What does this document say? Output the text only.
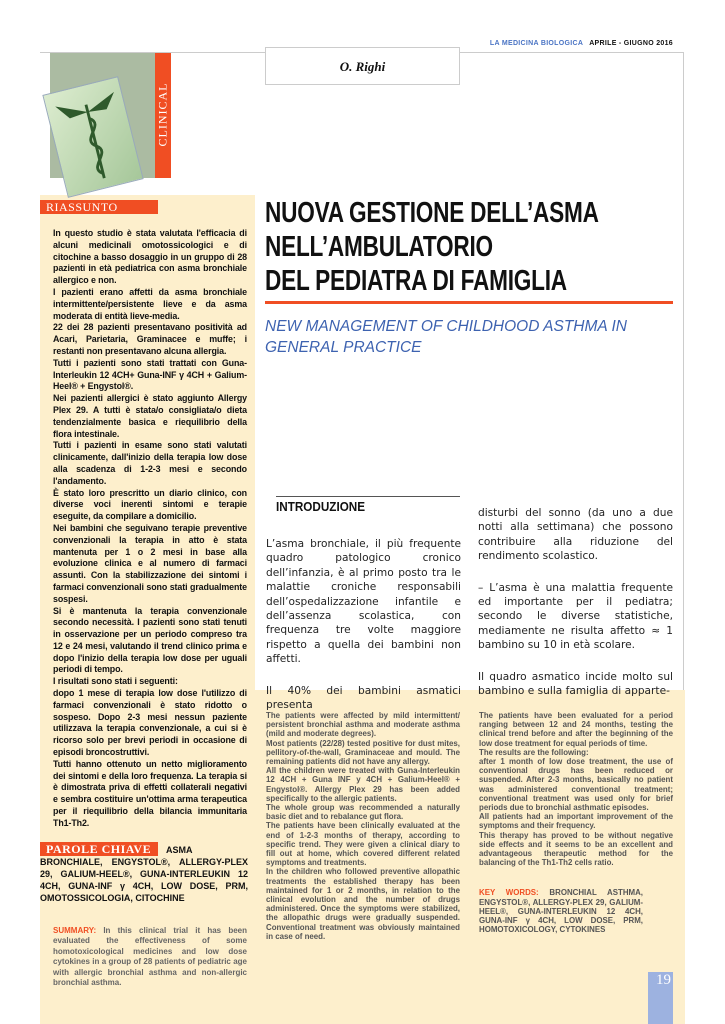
LA MEDICINA BIOLOGICA APRILE - GIUGNO 2016
CLINICAL
O. Righi
RIASSUNTO

In questo studio è stata valutata l'efficacia di alcuni medicinali omotossicologici e di citochine a basso dosaggio in un gruppo di 28 pazienti in età pediatrica con asma bronchiale allergico e non.

I pazienti erano affetti da asma bronchiale intermittente/persistente lieve e da asma moderata di entità lieve-media.

22 dei 28 pazienti presentavano positività ad Acari, Parietaria, Graminacee e muffe; i restanti non presentavano alcuna allergia.

Tutti i pazienti sono stati trattati con Guna-Interleukin 12 4CH+ Guna-INF γ 4CH + Galium-Heel® + Engystol®.

Nei pazienti allergici è stato aggiunto Allergy Plex 29. A tutti è stata/o consigliata/o dieta tendenzialmente basica e riequilibrio della flora intestinale.

Tutti i pazienti in esame sono stati valutati clinicamente, dall'inizio della terapia low dose alla scadenza di 1-2-3 mesi e secondo l'andamento.

È stato loro prescritto un diario clinico, con diverse voci inerenti sintomi e terapie eseguite, da compilare a domicilio.

Nei bambini che seguivano terapie preventive convenzionali la terapia in atto è stata mantenuta per 1 o 2 mesi in base alla evoluzione clinica e al numero di farmaci assunti. Con la stabilizzazione dei sintomi i farmaci convenzionali sono stati gradualmente sospesi.

Si è mantenuta la terapia convenzionale secondo necessità. I pazienti sono stati tenuti in osservazione per un periodo compreso tra 12 e 24 mesi, valutando il trend clinico prima e dopo l'inizio della terapia low dose per uguali periodi di tempo.

I risultati sono stati i seguenti:

dopo 1 mese di terapia low dose l'utilizzo di farmaci convenzionali è stato ridotto o sospeso. Dopo 2-3 mesi nessun paziente utilizzava la terapia convenzionale, a cui si è ricorso solo per brevi periodi in occasione di episodi broncostruttivi.

Tutti hanno ottenuto un netto miglioramento dei sintomi e della loro frequenza. La terapia si è dimostrata priva di effetti collaterali negativi e sembra costituire un'ottima arma terapeutica per il riequilibrio della bilancia immunitaria Th1-Th2.

PAROLE CHIAVE ASMA BRONCHIALE, ENGYSTOL®, ALLERGY-PLEX 29, GALIUM-HEEL®, GUNA-INTERLEUKIN 12 4CH, GUNA-INF γ 4CH, LOW DOSE, PRM, OMOTOSSICOLOGIA, CITOCHINE
SUMMARY: In this clinical trial it has been evaluated the effectiveness of some homotoxicological medicines and low dose cytokines in a group of 28 patients of pediatric age with allergic bronchial asthma and non-allergic bronchial asthma.
NUOVA GESTIONE DELL’ASMA
NELL’AMBULATORIO
DEL PEDIATRA DI FAMIGLIA
NEW MANAGEMENT OF CHILDHOOD ASTHMA IN GENERAL PRACTICE
INTRODUZIONE

L’asma bronchiale, il più frequente quadro patologico cronico dell’infanzia, è al primo posto tra le malattie croniche responsabili dell’ospedalizzazione infantile e dell’assenza scolastica, con frequenza tre volte maggiore rispetto a quella dei bambini non affetti.

Il 40% dei bambini asmatici presenta

disturbi del sonno (da uno a due notti alla settimana) che possono contribuire alla riduzione del rendimento scolastico.

– L’asma è una malattia frequente ed importante per il pediatra; secondo le diverse statistiche, mediamente ne risulta affetto ≈ 1 bambino su 10 in età scolare.

Il quadro asmatico incide molto sul bambino e sulla famiglia di apparte-

The patients were affected by mild intermittent/ persistent bronchial asthma and moderate asthma (mild and moderate degrees).

Most patients (22/28) tested positive for dust mites, pellitory-of-the-wall, Graminaceae and mould. The remaining patients did not have any allergy.

All the children were treated with Guna-Interleukin 12 4CH + Guna INF y 4CH + Galium-Heel® + Engystol®. Allergy Plex 29 has been added specifically to the allergic patients.

The whole group was recommended a naturally basic diet and to rebalance gut flora.

The patients have been clinically evaluated at the end of 1-2-3 months of therapy, according to specific trend. They were given a clinical diary to fill out at home, which covered different related symptoms and treatments.

In the children who followed preventive allopathic treatments the established therapy has been maintained for 1 or 2 months, in relation to the clinical evolution and the number of drugs administered. Once the symptoms were stabilized, the allopathic drugs were gradually suspended. Conventional treatment was obviously maintained in case of need.

The patients have been evaluated for a period ranging between 12 and 24 months, testing the clinical trend before and after the beginning of the low dose treatment for equal periods of time.

The results are the following:

after 1 month of low dose treatment, the use of conventional drugs has been reduced or suspended. After 2-3 months, basically no patient was administered conventional treatment; conventional treatment was used only for brief periods due to bronchial asthmatic episodes.

All patients had an important improvement of the symptoms and their frequency.

This therapy has proved to be without negative side effects and it seems to be an excellent and advantageous therapeutic method for the balancing of the Th1-Th2 cells ratio.

KEY WORDS: BRONCHIAL ASTHMA, ENGYSTOL®, ALLERGY-PLEX 29, GALIUM-HEEL®, GUNA-INTERLEUKIN 12 4CH, GUNA-INF γ 4CH, LOW DOSE, PRM, HOMOTOXICOLOGY, CYTOKINES

19
